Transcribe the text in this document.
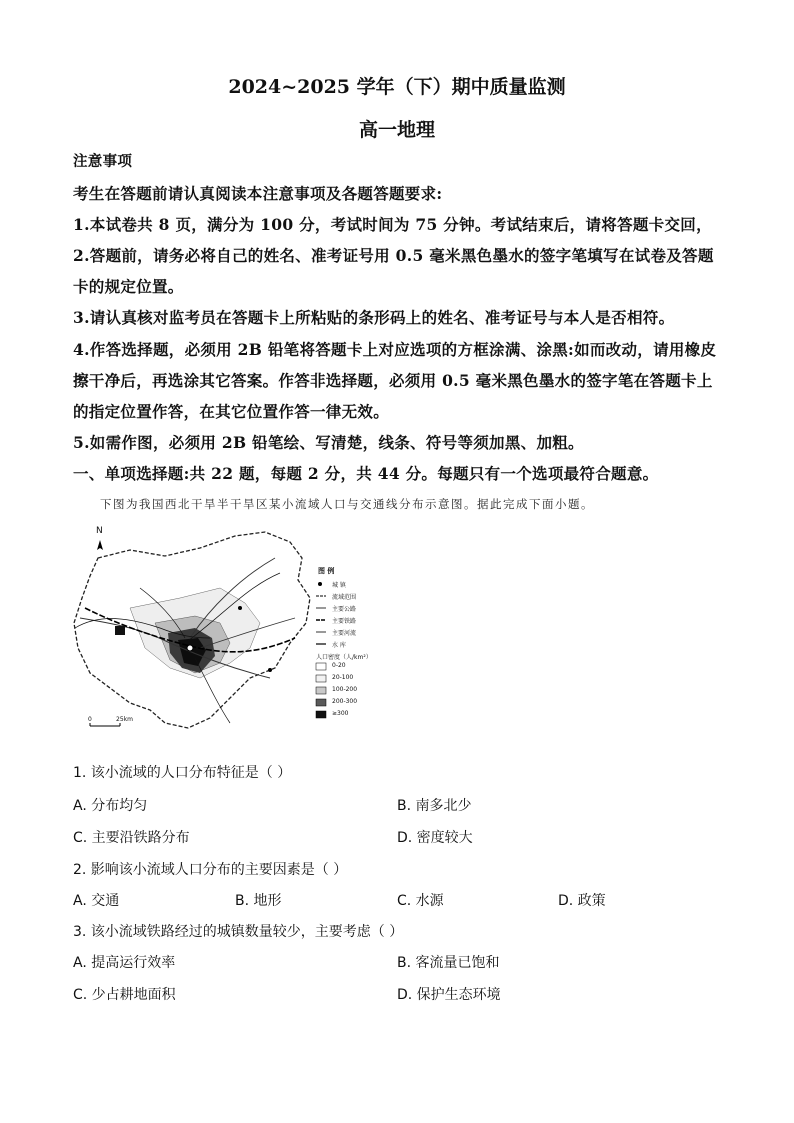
2024~2025 学年（下）期中质量监测
高一地理
注意事项
考生在答题前请认真阅读本注意事项及各题答题要求:
1.本试卷共 8 页，满分为 100 分，考试时间为 75 分钟。考试结束后，请将答题卡交回，
2.答题前，请务必将自己的姓名、准考证号用 0.5 毫米黑色墨水的签字笔填写在试卷及答题
卡的规定位置。
3.请认真核对监考员在答题卡上所粘贴的条形码上的姓名、准考证号与本人是否相符。
4.作答选择题，必须用 2B 铅笔将答题卡上对应选项的方框涂满、涂黑:如而改动，请用橡皮
擦干净后，再选涂其它答案。作答非选择题，必须用 0.5 毫米黑色墨水的签字笔在答题卡上
的指定位置作答，在其它位置作答一律无效。
5.如需作图，必须用 2B 铅笔绘、写清楚，线条、符号等须加黑、加粗。
一、单项选择题:共 22 题，每题 2 分，共 44 分。每题只有一个选项最符合题意。
下图为我国西北干旱半干旱区某小流域人口与交通线分布示意图。据此完成下面小题。
N
0	25km
图 例
城 镇
流域范围
主要公路
主要铁路
主要河流
水 库
人口密度（人/km²）
0-20
20-100
100-200
200-300
≥300
1. 该小流域的人口分布特征是（ ）
A. 分布均匀	B. 南多北少
C. 主要沿铁路分布	D. 密度较大
2. 影响该小流域人口分布的主要因素是（ ）
A. 交通	B. 地形	C. 水源	D. 政策
3. 该小流域铁路经过的城镇数量较少，主要考虑（ ）
A. 提高运行效率	B. 客流量已饱和
C. 少占耕地面积	D. 保护生态环境
